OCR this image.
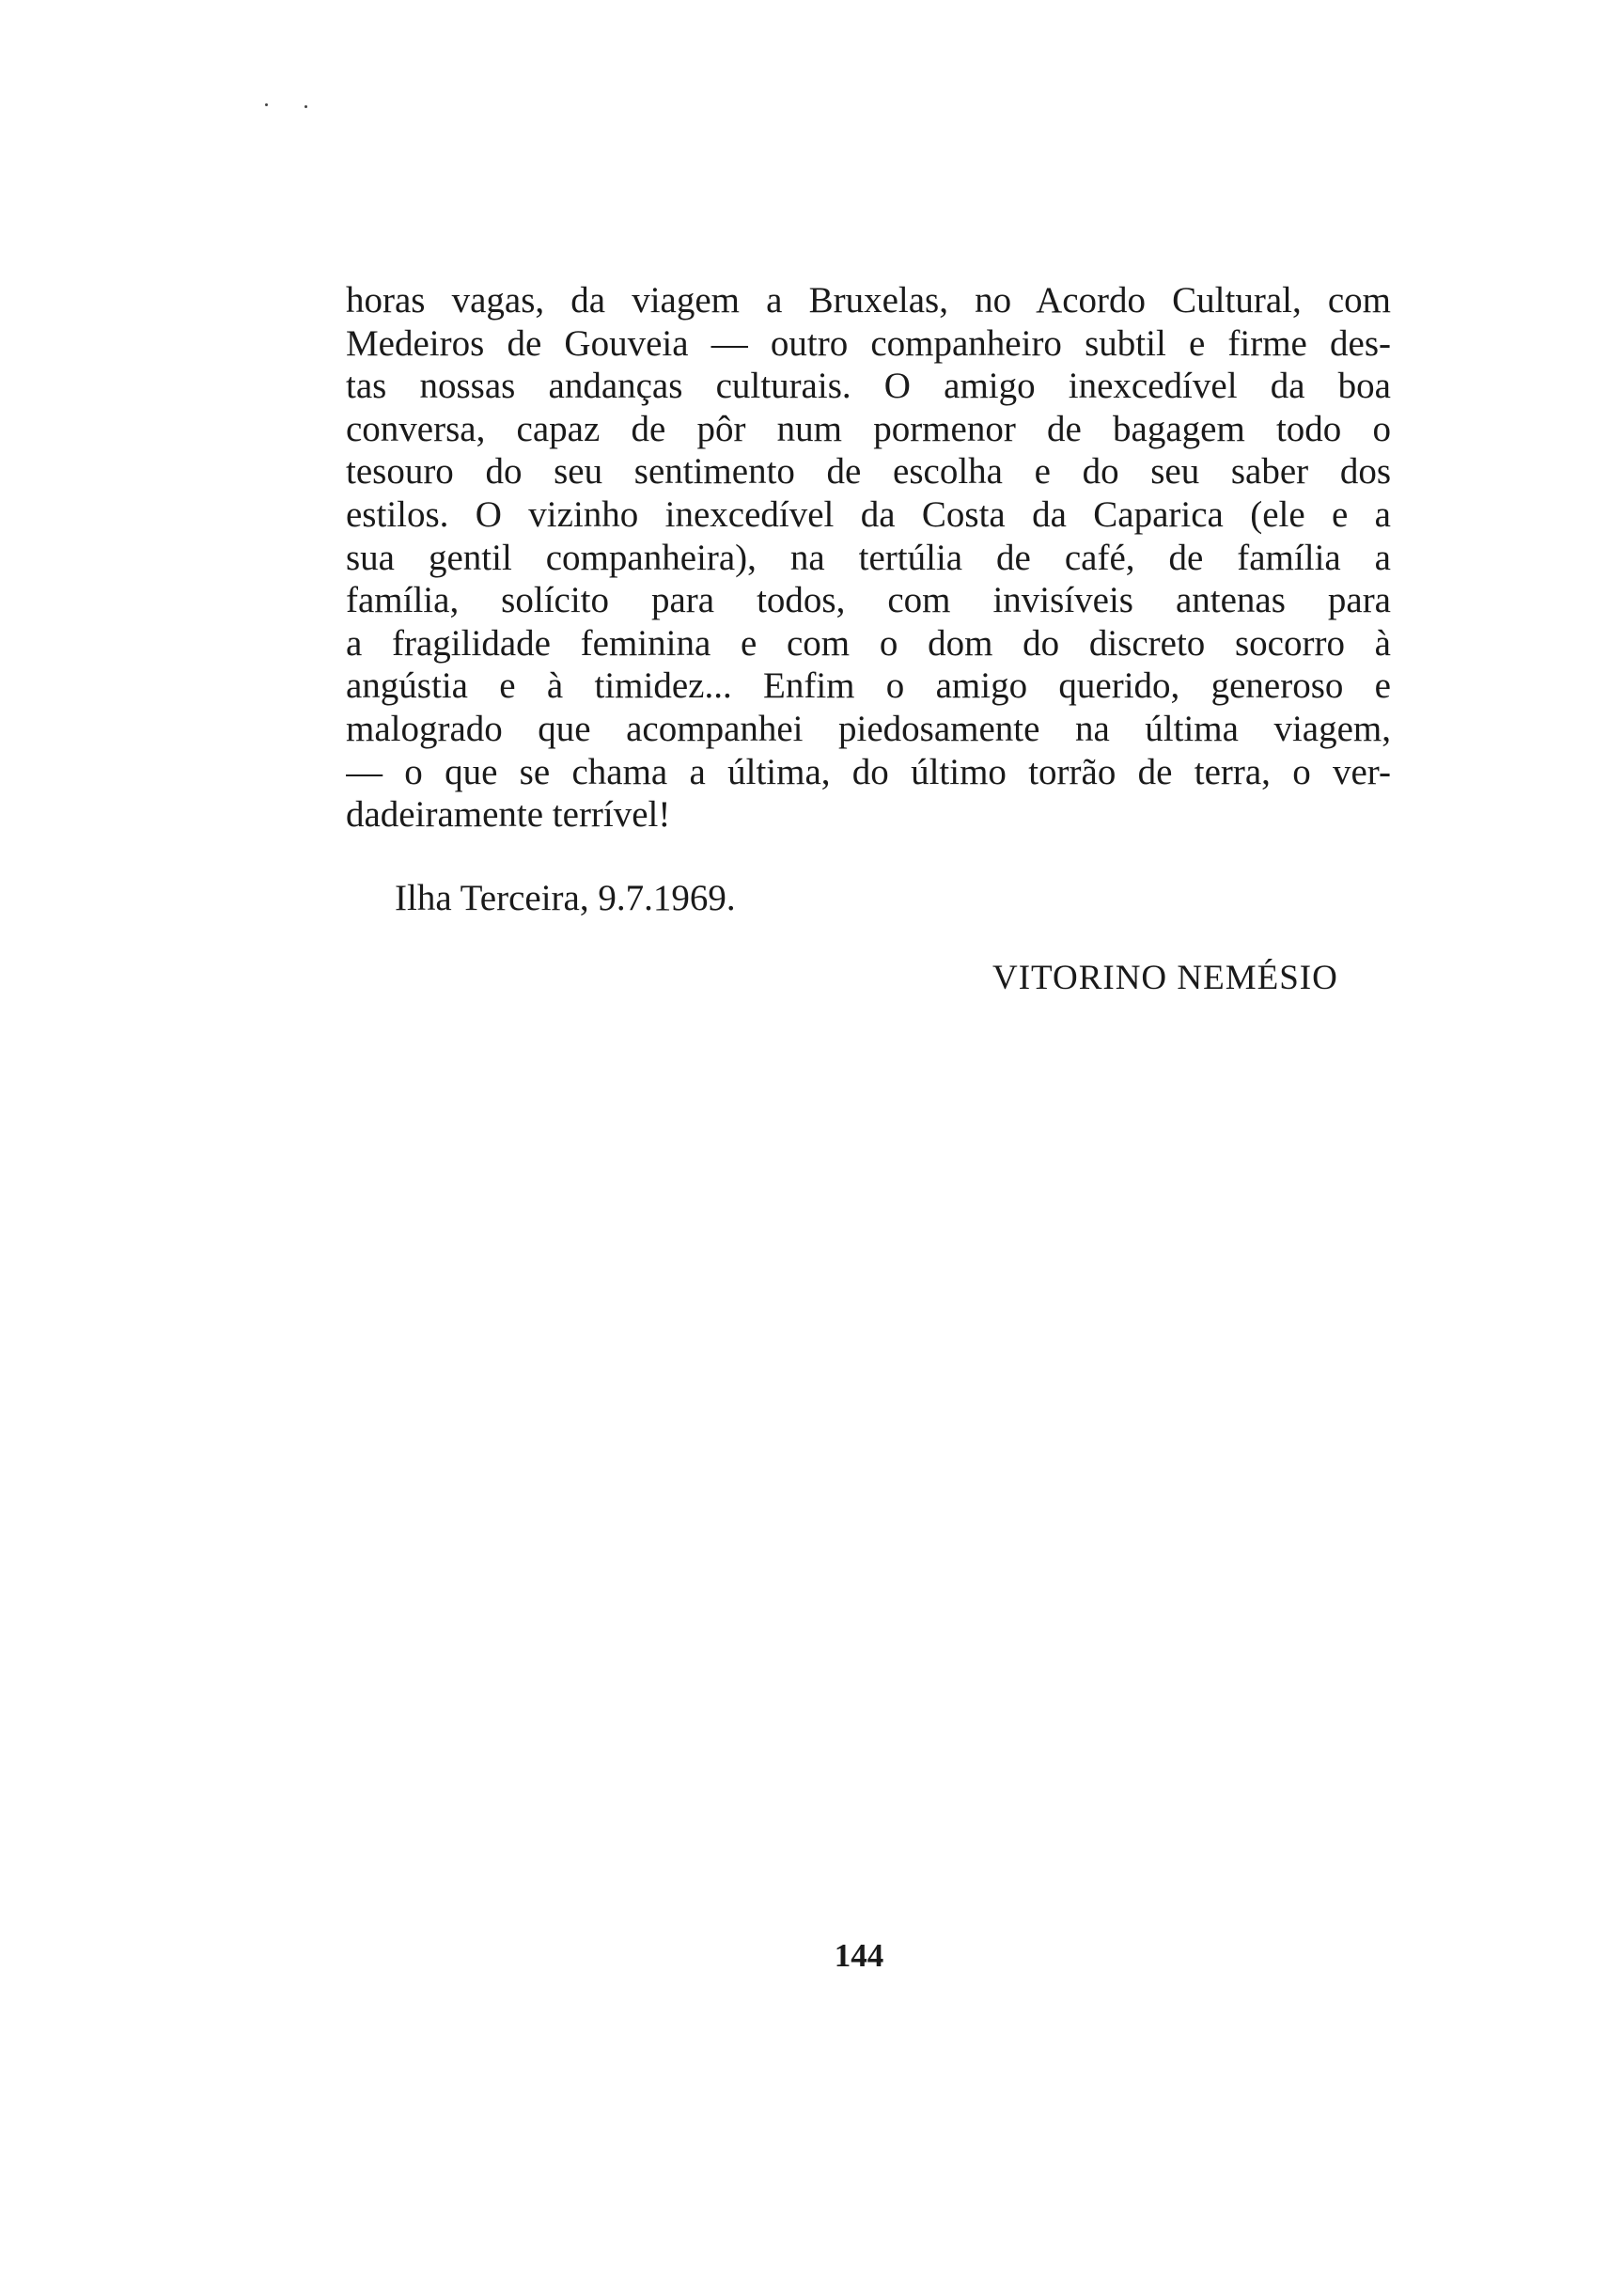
horas vagas, da viagem a Bruxelas, no Acordo Cultural, com
Medeiros de Gouveia — outro companheiro subtil e firme des-
tas nossas andanças culturais. O amigo inexcedível da boa
conversa, capaz de pôr num pormenor de bagagem todo o
tesouro do seu sentimento de escolha e do seu saber dos
estilos. O vizinho inexcedível da Costa da Caparica (ele e a
sua gentil companheira), na tertúlia de café, de família a
família, solícito para todos, com invisíveis antenas para
a fragilidade feminina e com o dom do discreto socorro à
angústia e à timidez... Enfim o amigo querido, generoso e
malogrado que acompanhei piedosamente na última viagem,
— o que se chama a última, do último torrão de terra, o ver-
dadeiramente terrível!

Ilha Terceira, 9.7.1969.

VITORINO NEMÉSIO

144
